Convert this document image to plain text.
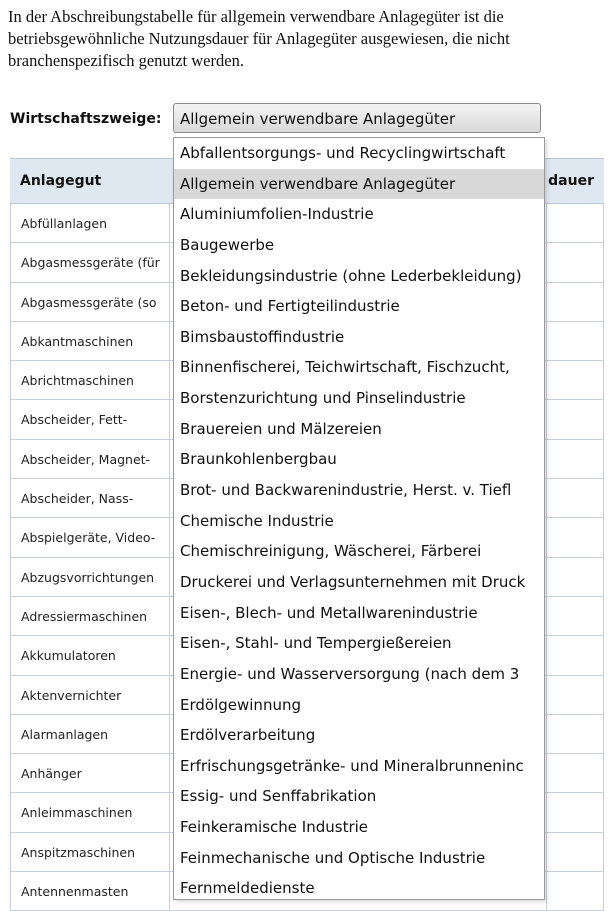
In der Abschreibungstabelle für allgemein verwendbare Anlagegüter ist die
betriebsgewöhnliche Nutzungsdauer für Anlagegüter ausgewiesen, die nicht
branchenspezifisch genutzt werden.
Wirtschaftszweige:	Allgemein verwendbare Anlagegüter
Anlagegut	dauer
Abfüllanlagen
Abgasmessgeräte (für
Abgasmessgeräte (so
Abkantmaschinen
Abrichtmaschinen
Abscheider, Fett-
Abscheider, Magnet-
Abscheider, Nass-
Abspielgeräte, Video-
Abzugsvorrichtungen
Adressiermaschinen
Akkumulatoren
Aktenvernichter
Alarmanlagen
Anhänger
Anleimmaschinen
Anspitzmaschinen
Antennenmasten
Abfallentsorgungs- und Recyclingwirtschaft
Allgemein verwendbare Anlagegüter
Aluminiumfolien-Industrie
Baugewerbe
Bekleidungsindustrie (ohne Lederbekleidung)
Beton- und Fertigteilindustrie
Bimsbaustoffindustrie
Binnenfischerei, Teichwirtschaft, Fischzucht,
Borstenzurichtung und Pinselindustrie
Brauereien und Mälzereien
Braunkohlenbergbau
Brot- und Backwarenindustrie, Herst. v. Tiefl
Chemische Industrie
Chemischreinigung, Wäscherei, Färberei
Druckerei und Verlagsunternehmen mit Druck
Eisen-, Blech- und Metallwarenindustrie
Eisen-, Stahl- und Tempergießereien
Energie- und Wasserversorgung (nach dem 3
Erdölgewinnung
Erdölverarbeitung
Erfrischungsgetränke- und Mineralbrunneninc
Essig- und Senffabrikation
Feinkeramische Industrie
Feinmechanische und Optische Industrie
Fernmeldedienste
